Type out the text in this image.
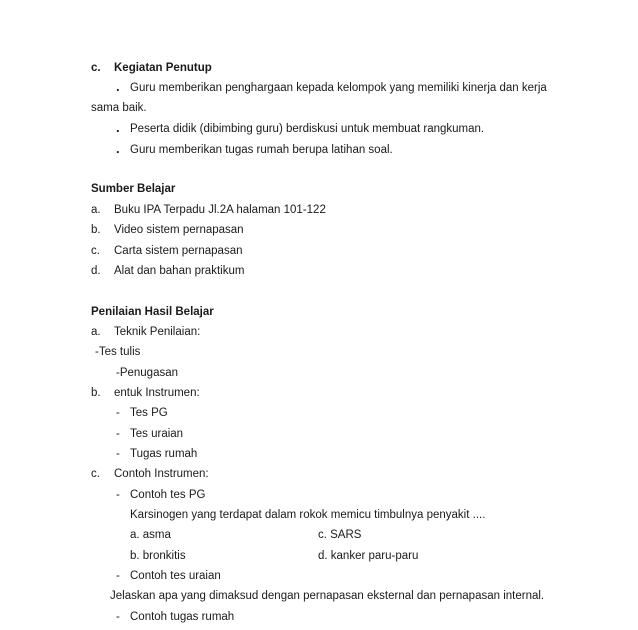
c. Kegiatan Penutup
. Guru memberikan penghargaan kepada kelompok yang memiliki kinerja dan kerja
sama baik.
. Peserta didik (dibimbing guru) berdiskusi untuk membuat rangkuman.
. Guru memberikan tugas rumah berupa latihan soal.
Sumber Belajar
a. Buku IPA Terpadu Jl.2A halaman 101-122
b. Video sistem pernapasan
c. Carta sistem pernapasan
d. Alat dan bahan praktikum
Penilaian Hasil Belajar
a. Teknik Penilaian:
-Tes tulis
-Penugasan
b. entuk Instrumen:
- Tes PG
- Tes uraian
- Tugas rumah
c. Contoh Instrumen:
- Contoh tes PG
Karsinogen yang terdapat dalam rokok memicu timbulnya penyakit ....
a. asma	c. SARS
b. bronkitis	d. kanker paru-paru
- Contoh tes uraian
Jelaskan apa yang dimaksud dengan pernapasan eksternal dan pernapasan internal.
- Contoh tugas rumah
